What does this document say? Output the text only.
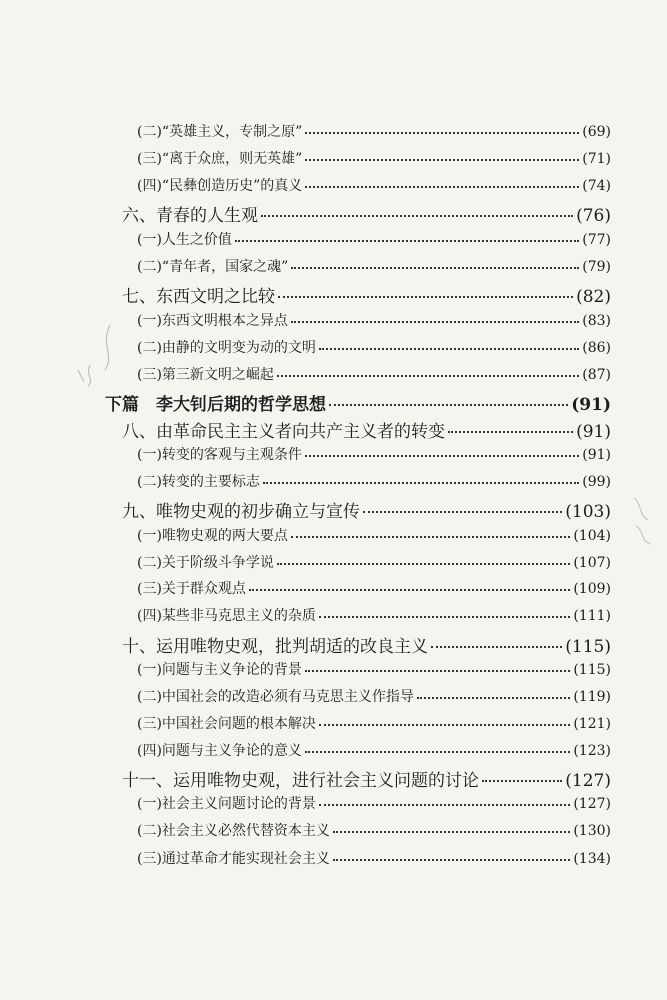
(二)“英雄主义，专制之原”	(69)
(三)“离于众庶，则无英雄”	(71)
(四)“民彝创造历史”的真义	(74)
六、青春的人生观	(76)
(一)人生之价值	(77)
(二)“青年者，国家之魂”	(79)
七、东西文明之比较	(82)
(一)东西文明根本之异点	(83)
(二)由静的文明变为动的文明	(86)
(三)第三新文明之崛起	(87)
下篇　李大钊后期的哲学思想	(91)
八、由革命民主主义者向共产主义者的转变	(91)
(一)转变的客观与主观条件	(91)
(二)转变的主要标志	(99)
九、唯物史观的初步确立与宣传	(103)
(一)唯物史观的两大要点	(104)
(二)关于阶级斗争学说	(107)
(三)关于群众观点	(109)
(四)某些非马克思主义的杂质	(111)
十、运用唯物史观，批判胡适的改良主义	(115)
(一)问题与主义争论的背景	(115)
(二)中国社会的改造必须有马克思主义作指导	(119)
(三)中国社会问题的根本解决	(121)
(四)问题与主义争论的意义	(123)
十一、运用唯物史观，进行社会主义问题的讨论	(127)
(一)社会主义问题讨论的背景	(127)
(二)社会主义必然代替资本主义	(130)
(三)通过革命才能实现社会主义	(134)
